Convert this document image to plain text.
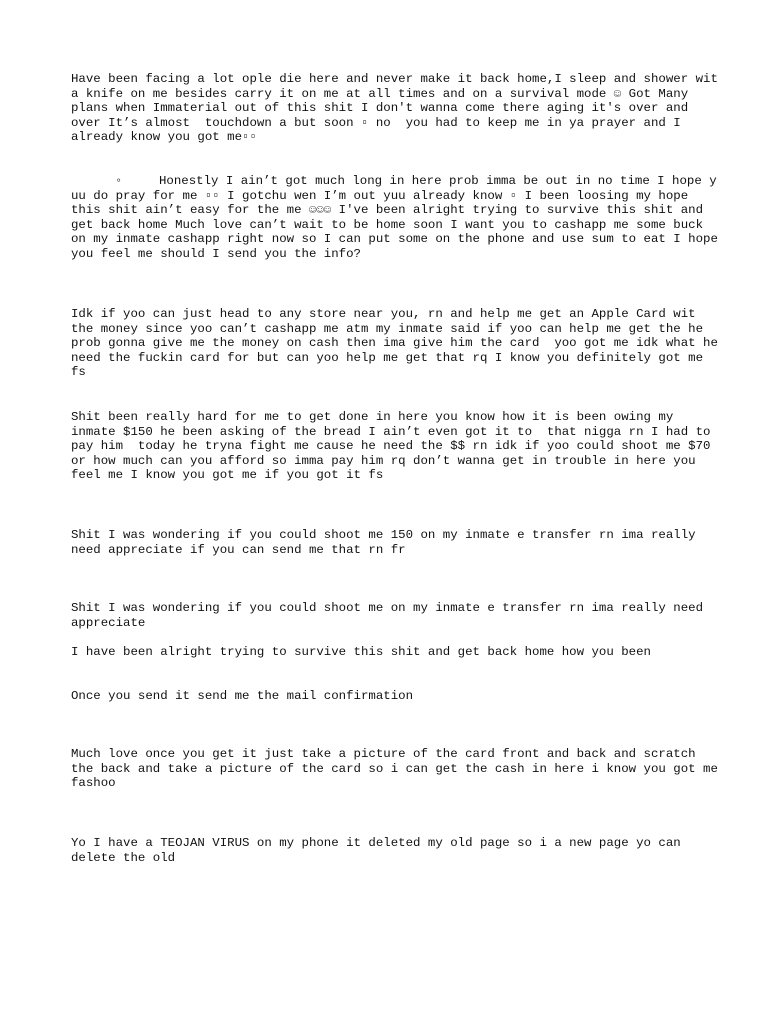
Have been facing a lot ople die here and never make it back home,I sleep and shower wit a knife on me besides carry it on me at all times and on a survival mode ☺ Got Many plans when Immaterial out of this shit I don't wanna come there aging it's over and over It’s almost  touchdown a but soon ▫ no  you had to keep me in ya prayer and I already know you got me▫▫

◦	Honestly I ain’t got much long in here prob imma be out in no time I hope y uu do pray for me ▫▫ I gotchu wen I’m out yuu already know ▫ I been loosing my hope this shit ain’t easy for the me ☺☺☺ I've been alright trying to survive this shit and get back home Much love can’t wait to be home soon I want you to cashapp me some buck on my inmate cashapp right now so I can put some on the phone and use sum to eat I hope you feel me should I send you the info?

Idk if yoo can just head to any store near you, rn and help me get an Apple Card wit the money since yoo can’t cashapp me atm my inmate said if yoo can help me get the he prob gonna give me the money on cash then ima give him the card  yoo got me idk what he need the fuckin card for but can yoo help me get that rq I know you definitely got me fs

Shit been really hard for me to get done in here you know how it is been owing my inmate $150 he been asking of the bread I ain’t even got it to  that nigga rn I had to pay him  today he tryna fight me cause he need the $$ rn idk if yoo could shoot me $70 or how much can you afford so imma pay him rq don’t wanna get in trouble in here you feel me I know you got me if you got it fs

Shit I was wondering if you could shoot me 150 on my inmate e transfer rn ima really need appreciate if you can send me that rn fr

Shit I was wondering if you could shoot me on my inmate e transfer rn ima really need appreciate

I have been alright trying to survive this shit and get back home how you been

Once you send it send me the mail confirmation

Much love once you get it just take a picture of the card front and back and scratch the back and take a picture of the card so i can get the cash in here i know you got me fashoo

Yo I have a TEOJAN VIRUS on my phone it deleted my old page so i a new page yo can delete the old
